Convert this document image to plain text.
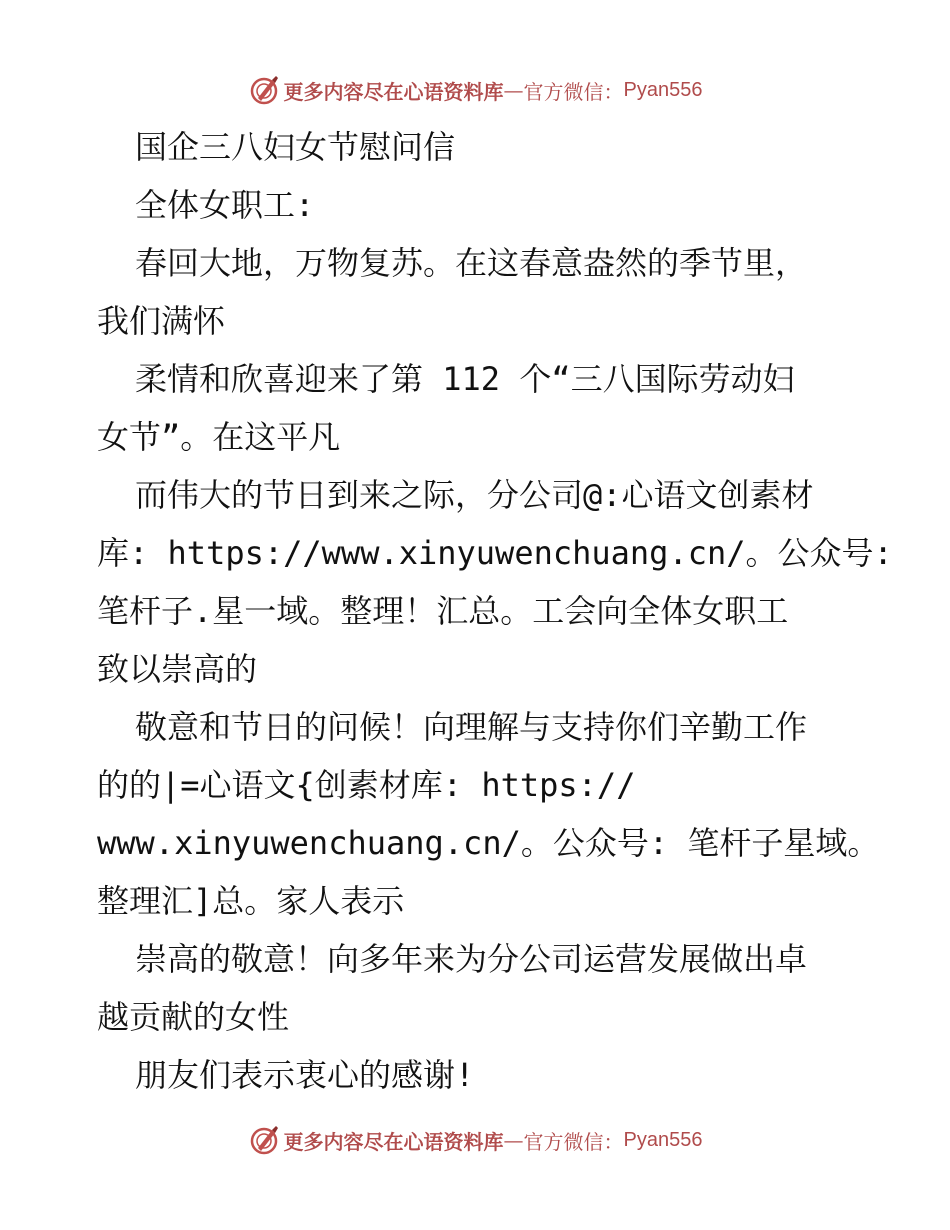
更多内容尽在心语资料库 — 官方微信： Pyan556
国企三八妇女节慰问信
全体女职工:
春回大地，万物复苏。在这春意盎然的季节里，
我们满怀
柔情和欣喜迎来了第 112 个“三八国际劳动妇
女节”。在这平凡
而伟大的节日到来之际，分公司@:心语文创素材
库: https://www.xinyuwenchuang.cn/。公众号:
笔杆子.星一域。整理！汇总。工会向全体女职工
致以崇高的
敬意和节日的问候！向理解与支持你们辛勤工作
的的|=心语文{创素材库: https://
www.xinyuwenchuang.cn/。公众号: 笔杆子星域。
整理汇]总。家人表示
崇高的敬意！向多年来为分公司运营发展做出卓
越贡献的女性
朋友们表示衷心的感谢!
更多内容尽在心语资料库 — 官方微信： Pyan556
